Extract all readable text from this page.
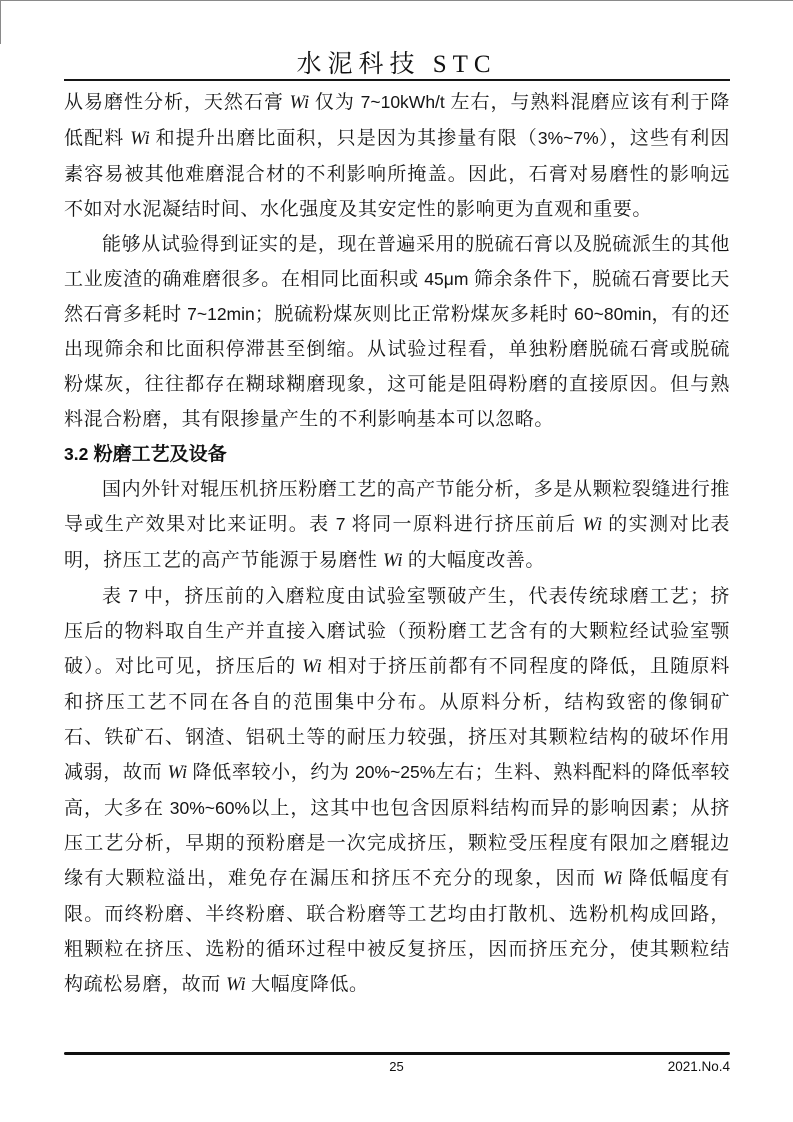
水泥科技 STC

从易磨性分析，天然石膏 Wi 仅为 7~10kWh/t 左右，与熟料混磨应该有利于降低配料 Wi 和提升出磨比面积，只是因为其掺量有限（3%~7%），这些有利因素容易被其他难磨混合材的不利影响所掩盖。因此，石膏对易磨性的影响远不如对水泥凝结时间、水化强度及其安定性的影响更为直观和重要。

能够从试验得到证实的是，现在普遍采用的脱硫石膏以及脱硫派生的其他工业废渣的确难磨很多。在相同比面积或 45μm 筛余条件下，脱硫石膏要比天然石膏多耗时 7~12min；脱硫粉煤灰则比正常粉煤灰多耗时 60~80min，有的还出现筛余和比面积停滞甚至倒缩。从试验过程看，单独粉磨脱硫石膏或脱硫粉煤灰，往往都存在糊球糊磨现象，这可能是阻碍粉磨的直接原因。但与熟料混合粉磨，其有限掺量产生的不利影响基本可以忽略。

3.2 粉磨工艺及设备

国内外针对辊压机挤压粉磨工艺的高产节能分析，多是从颗粒裂缝进行推导或生产效果对比来证明。表 7 将同一原料进行挤压前后 Wi 的实测对比表明，挤压工艺的高产节能源于易磨性 Wi 的大幅度改善。

表 7 中，挤压前的入磨粒度由试验室颚破产生，代表传统球磨工艺；挤压后的物料取自生产并直接入磨试验（预粉磨工艺含有的大颗粒经试验室颚破）。对比可见，挤压后的 Wi 相对于挤压前都有不同程度的降低，且随原料和挤压工艺不同在各自的范围集中分布。从原料分析，结构致密的像铜矿石、铁矿石、钢渣、铝矾土等的耐压力较强，挤压对其颗粒结构的破坏作用减弱，故而 Wi 降低率较小，约为 20%~25%左右；生料、熟料配料的降低率较高，大多在 30%~60%以上，这其中也包含因原料结构而异的影响因素；从挤压工艺分析，早期的预粉磨是一次完成挤压，颗粒受压程度有限加之磨辊边缘有大颗粒溢出，难免存在漏压和挤压不充分的现象，因而 Wi 降低幅度有限。而终粉磨、半终粉磨、联合粉磨等工艺均由打散机、选粉机构成回路，粗颗粒在挤压、选粉的循环过程中被反复挤压，因而挤压充分，使其颗粒结构疏松易磨，故而 Wi 大幅度降低。

25	2021.No.4
